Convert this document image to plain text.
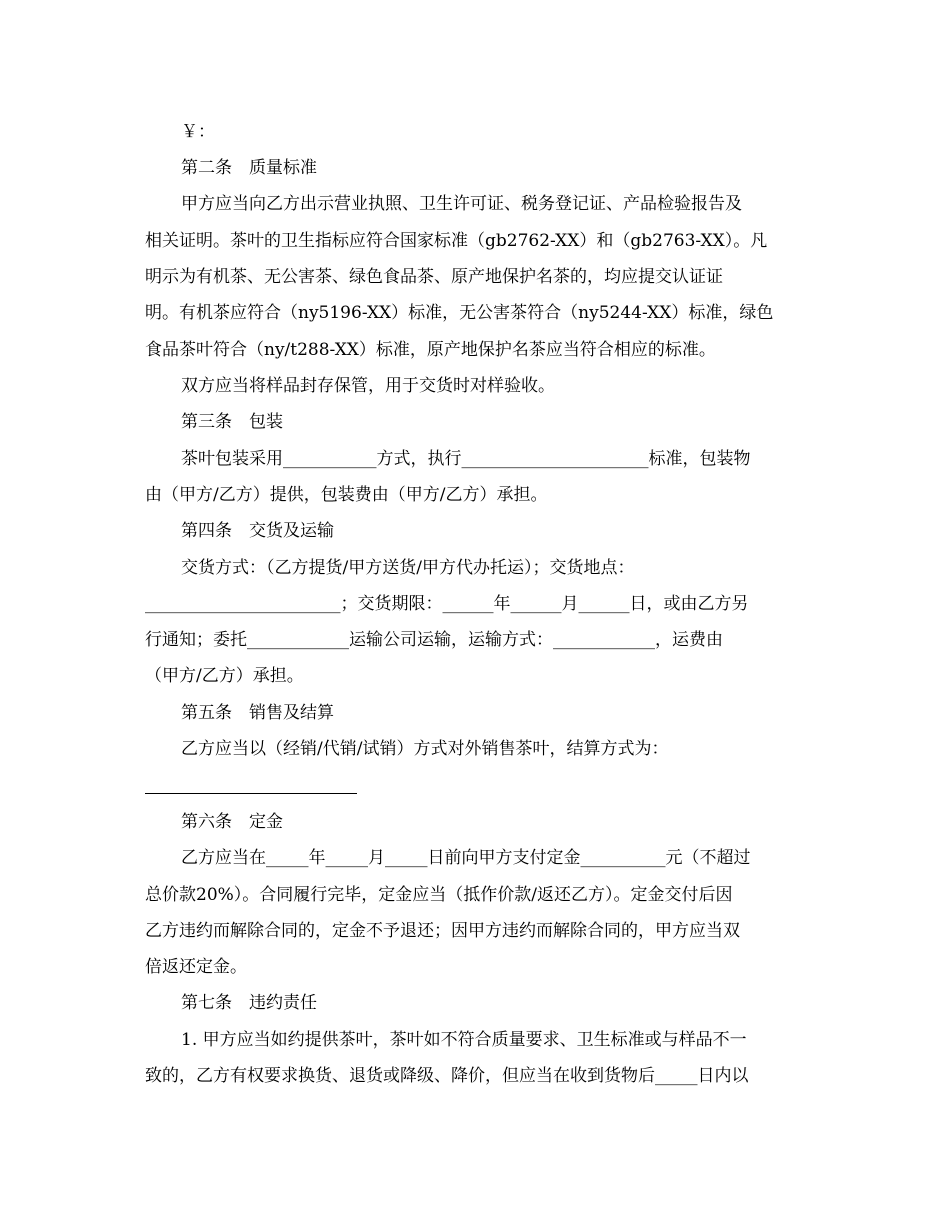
￥：
第二条　质量标准
甲方应当向乙方出示营业执照、卫生许可证、税务登记证、产品检验报告及
相关证明。茶叶的卫生指标应符合国家标准（gb2762-XX）和（gb2763-XX）。凡
明示为有机茶、无公害茶、绿色食品茶、原产地保护名茶的，均应提交认证证
明。有机茶应符合（ny5196-XX）标准，无公害茶符合（ny5244-XX）标准，绿色
食品茶叶符合（ny/t288-XX）标准，原产地保护名茶应当符合相应的标准。
双方应当将样品封存保管，用于交货时对样验收。
第三条　包装
茶叶包装采用___________方式，执行______________________标准，包装物
由（甲方/乙方）提供，包装费由（甲方/乙方）承担。
第四条　交货及运输
交货方式：（乙方提货/甲方送货/甲方代办托运）；交货地点：
_______________________；交货期限：______年______月______日，或由乙方另
行通知；委托____________运输公司运输，运输方式：____________，运费由
（甲方/乙方）承担。
第五条　销售及结算
乙方应当以（经销/代销/试销）方式对外销售茶叶，结算方式为：
第六条　定金
乙方应当在_____年_____月_____日前向甲方支付定金__________元（不超过
总价款20%）。合同履行完毕，定金应当（抵作价款/返还乙方）。定金交付后因
乙方违约而解除合同的，定金不予退还；因甲方违约而解除合同的，甲方应当双
倍返还定金。
第七条　违约责任
1. 甲方应当如约提供茶叶，茶叶如不符合质量要求、卫生标准或与样品不一
致的，乙方有权要求换货、退货或降级、降价，但应当在收到货物后_____日内以
